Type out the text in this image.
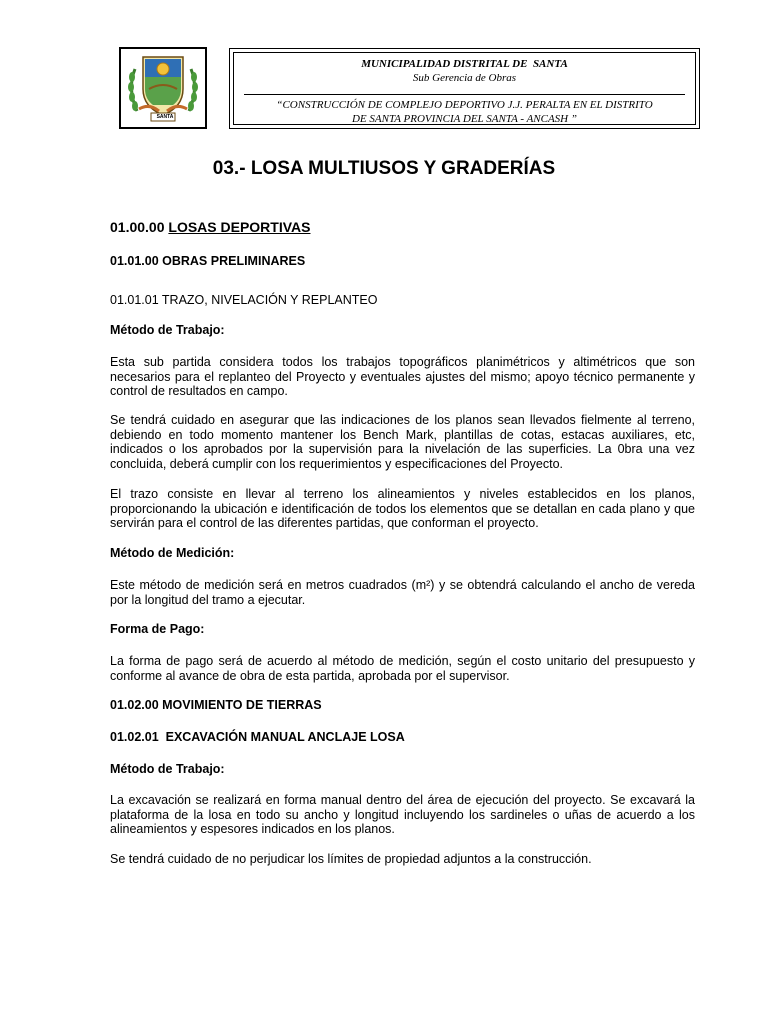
SANTA
MUNICIPALIDAD DISTRITAL DE  SANTA
Sub Gerencia de Obras
“CONSTRUCCIÓN DE COMPLEJO DEPORTIVO J.J. PERALTA EN EL DISTRITO
DE SANTA PROVINCIA DEL SANTA - ANCASH ”
03.- LOSA MULTIUSOS Y GRADERÍAS
01.00.00 LOSAS DEPORTIVAS
01.01.00 OBRAS PRELIMINARES
01.01.01 TRAZO, NIVELACIÓN Y REPLANTEO
Método de Trabajo:

Esta sub partida considera todos los trabajos topográficos planimétricos y altimétricos que son necesarios para el replanteo del Proyecto y eventuales ajustes del mismo; apoyo técnico permanente y control de resultados en campo.

Se tendrá cuidado en asegurar que las indicaciones de los planos sean llevados fielmente al terreno, debiendo en todo momento mantener los Bench Mark, plantillas de cotas, estacas auxiliares, etc, indicados o los aprobados por la supervisión para la nivelación de las superficies. La 0bra una vez concluida, deberá cumplir con los requerimientos y especificaciones del Proyecto.

El trazo consiste en llevar al terreno los alineamientos y niveles establecidos en los planos, proporcionando la ubicación e identificación de todos los elementos que se detallan en cada plano y que servirán para el control de las diferentes partidas, que conforman el proyecto.

Método de Medición:

Este método de medición será en metros cuadrados (m²) y se obtendrá calculando el ancho de vereda por la longitud del tramo a ejecutar.

Forma de Pago:

La forma de pago será de acuerdo al método de medición, según el costo unitario del presupuesto y conforme al avance de obra de esta partida, aprobada por el supervisor.

01.02.00 MOVIMIENTO DE TIERRAS
01.02.01  EXCAVACIÓN MANUAL ANCLAJE LOSA
Método de Trabajo:

La excavación se realizará en forma manual dentro del área de ejecución del proyecto. Se excavará la plataforma de la losa en todo su ancho y longitud incluyendo los sardineles o uñas de acuerdo a los alineamientos y espesores indicados en los planos.

Se tendrá cuidado de no perjudicar los límites de propiedad adjuntos a la construcción.
